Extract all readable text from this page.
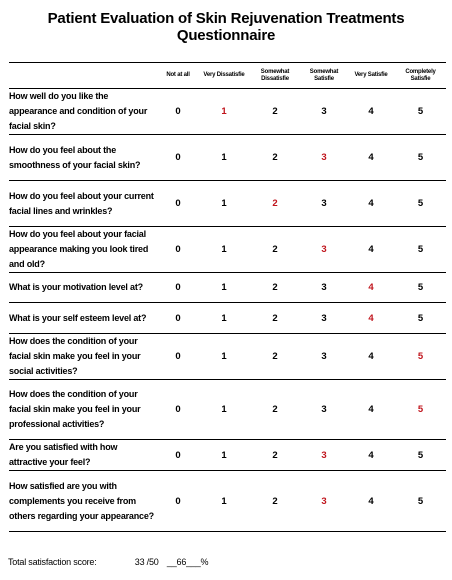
Patient Evaluation of Skin Rejuvenation Treatments Questionnaire
	Not at all	Very Dissatisfie	Somewhat Dissatisfie	Somewhat Satisfie	Very Satisfie	Completely Satisfie
How well do you like the appearance and condition of your facial skin?	0	1	2	3	4	5
How do you feel about the smoothness of your facial skin?	0	1	2	3	4	5
How do you feel about your current facial lines and wrinkles?	0	1	2	3	4	5
How do you feel about your facial appearance making you look tired and old?	0	1	2	3	4	5
What is your motivation level at?	0	1	2	3	4	5
What is your self esteem level at?	0	1	2	3	4	5
How does the condition of your facial skin make you feel in your social activities?	0	1	2	3	4	5
How does the condition of your facial skin make you feel in your professional activities?	0	1	2	3	4	5
Are you satisfied with how attractive your feel?	0	1	2	3	4	5
How satisfied are you with complements you receive from others regarding your appearance?	0	1	2	3	4	5
Total satisfaction score:	33 /50 __66___%
